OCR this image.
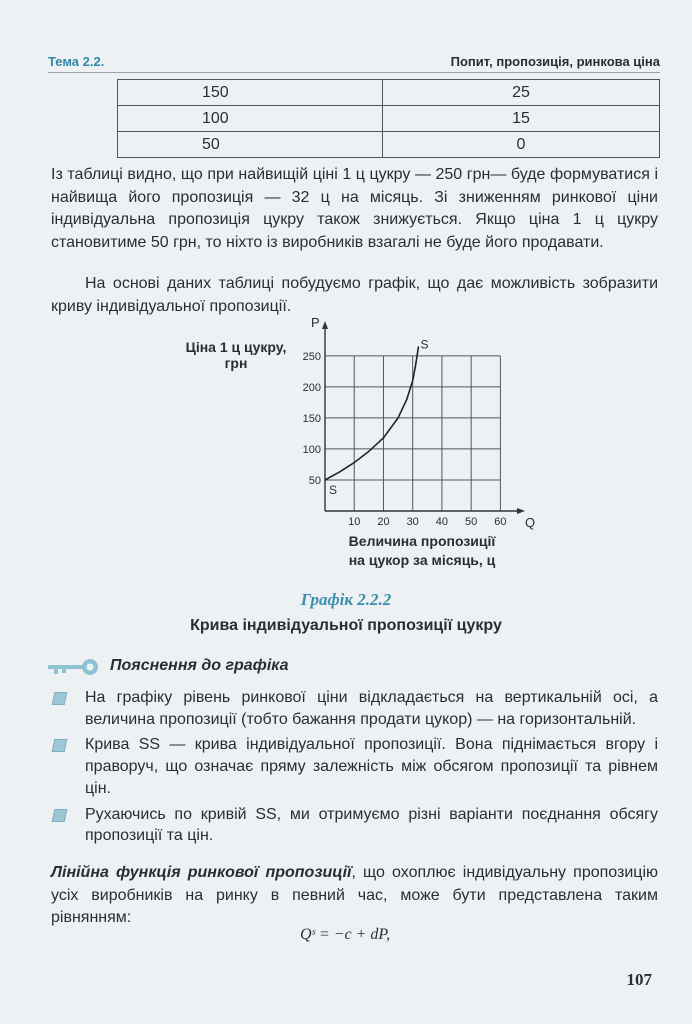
Тема 2.2.	Попит, пропозиція, ринкова ціна
150	25
100	15
50	0

Із таблиці видно, що при найвищій ціні 1 ц цукру — 250 грн— буде формуватися і найвища його пропозиція — 32 ц на місяць. Зі зниженням ринкової ціни індивідуальна пропозиція цукру також знижується. Якщо ціна 1 ц цукру становитиме 50 грн, то ніхто із виробників взагалі не буде його продавати.

На основі даних таблиці побудуємо графік, що дає можливість зобразити криву індивідуальної пропозиції.

Ціна 1 ц цукру,
грн
Величина пропозиції
на цукор за місяць, ц
10 20 30 40 50 60
50
100
150
200
250
P
Q
S
S
Графік 2.2.2
Крива індивідуальної пропозиції цукру
Пояснення до графіка

На графіку рівень ринкової ціни відкладається на вертикальній осі, а величина пропозиції (тобто бажання продати цукор) — на горизонтальній.

Крива SS — крива індивідуальної пропозиції. Вона піднімається вгору і праворуч, що означає пряму залежність між обсягом пропозиції та рівнем цін.

Рухаючись по кривій SS, ми отримуємо різні варіанти поєднання обсягу пропозиції та цін.

Лінійна функція ринкової пропозиції, що охоплює індивідуальну пропозицію усіх виробників на ринку в певний час, може бути представлена таким рівнянням:

Qˢ = −c + dP,
107
